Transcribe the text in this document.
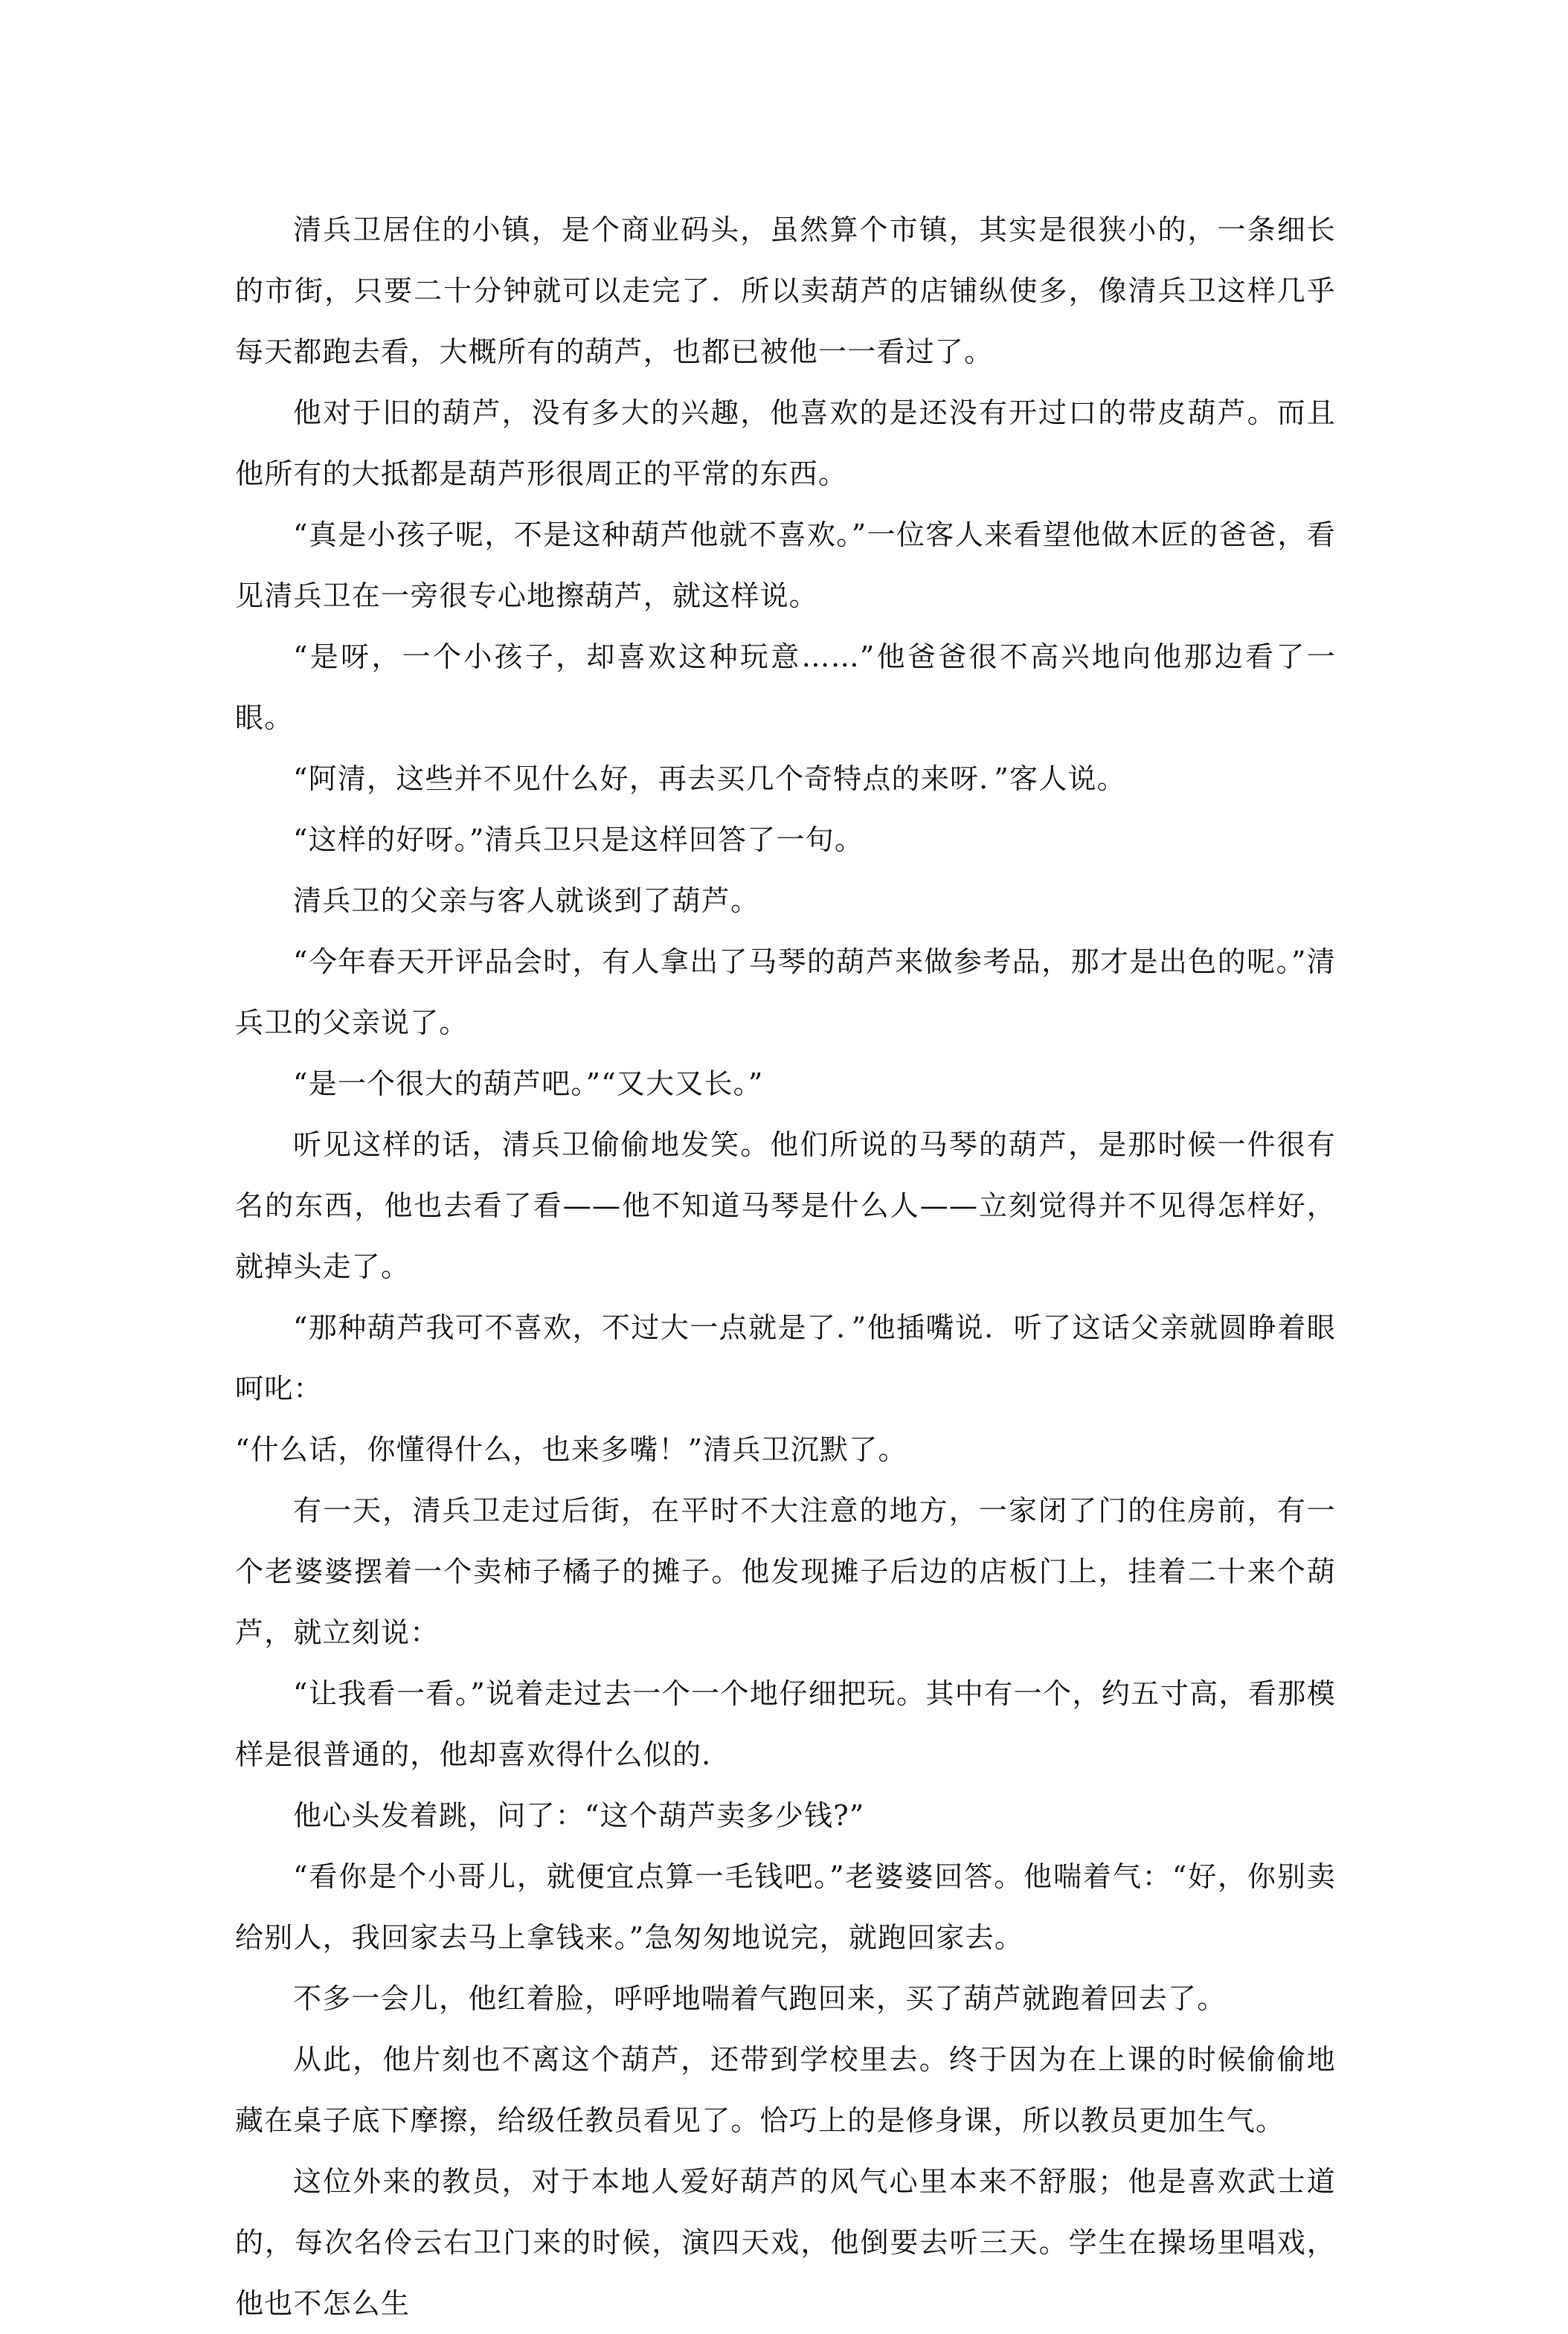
清兵卫居住的小镇，是个商业码头，虽然算个市镇，其实是很狭小的，一条细长的市街，只要二十分钟就可以走完了．所以卖葫芦的店铺纵使多，像清兵卫这样几乎每天都跑去看，大概所有的葫芦，也都已被他一一看过了。

他对于旧的葫芦，没有多大的兴趣，他喜欢的是还没有开过口的带皮葫芦。而且他所有的大抵都是葫芦形很周正的平常的东西。

“真是小孩子呢，不是这种葫芦他就不喜欢。”一位客人来看望他做木匠的爸爸，看见清兵卫在一旁很专心地擦葫芦，就这样说。

“是呀，一个小孩子，却喜欢这种玩意……”他爸爸很不高兴地向他那边看了一眼。

“阿清，这些并不见什么好，再去买几个奇特点的来呀．”客人说。

“这样的好呀。”清兵卫只是这样回答了一句。

清兵卫的父亲与客人就谈到了葫芦。

“今年春天开评品会时，有人拿出了马琴的葫芦来做参考品，那才是出色的呢。”清兵卫的父亲说了。

“是一个很大的葫芦吧。”“又大又长。”

听见这样的话，清兵卫偷偷地发笑。他们所说的马琴的葫芦，是那时候一件很有名的东西，他也去看了看——他不知道马琴是什么人——立刻觉得并不见得怎样好，就掉头走了。

“那种葫芦我可不喜欢，不过大一点就是了．”他插嘴说．听了这话父亲就圆睁着眼呵叱：

“什么话，你懂得什么，也来多嘴！”清兵卫沉默了。

有一天，清兵卫走过后街，在平时不大注意的地方，一家闭了门的住房前，有一个老婆婆摆着一个卖柿子橘子的摊子。他发现摊子后边的店板门上，挂着二十来个葫芦，就立刻说：

“让我看一看。”说着走过去一个一个地仔细把玩。其中有一个，约五寸高，看那模样是很普通的，他却喜欢得什么似的．

他心头发着跳，问了：“这个葫芦卖多少钱?”

“看你是个小哥儿，就便宜点算一毛钱吧。”老婆婆回答。他喘着气：“好，你别卖给别人，我回家去马上拿钱来。”急匆匆地说完，就跑回家去。

不多一会儿，他红着脸，呼呼地喘着气跑回来，买了葫芦就跑着回去了。

从此，他片刻也不离这个葫芦，还带到学校里去。终于因为在上课的时候偷偷地藏在桌子底下摩擦，给级任教员看见了。恰巧上的是修身课，所以教员更加生气。

这位外来的教员，对于本地人爱好葫芦的风气心里本来不舒服；他是喜欢武士道的，每次名伶云右卫门来的时候，演四天戏，他倒要去听三天。学生在操场里唱戏，他也不怎么生
